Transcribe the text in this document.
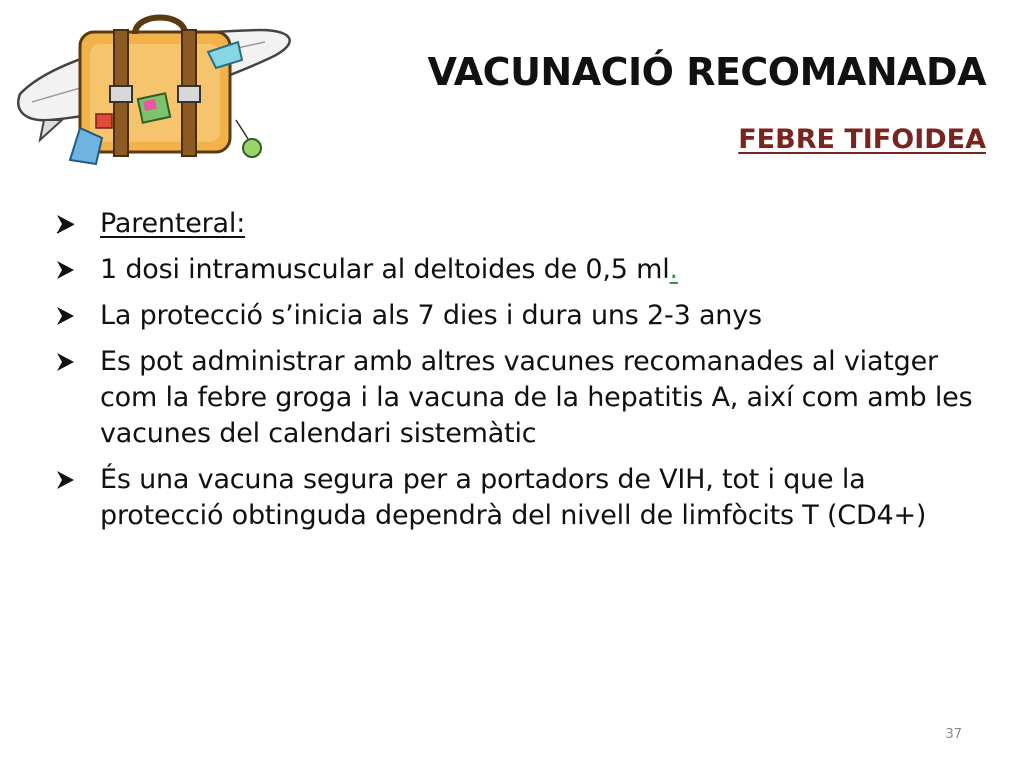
VACUNACIÓ RECOMANADA
FEBRE TIFOIDEA
Parenteral:
1 dosi intramuscular al deltoides de 0,5 ml.
La protecció s’inicia als 7 dies i dura uns 2-3 anys
Es pot administrar amb altres vacunes recomanades al viatger com la febre groga i la vacuna de la hepatitis A, així com amb les vacunes del calendari sistemàtic
És una vacuna segura per a portadors de VIH, tot i que la protecció obtinguda dependrà del nivell de limfòcits T (CD4+)
37
